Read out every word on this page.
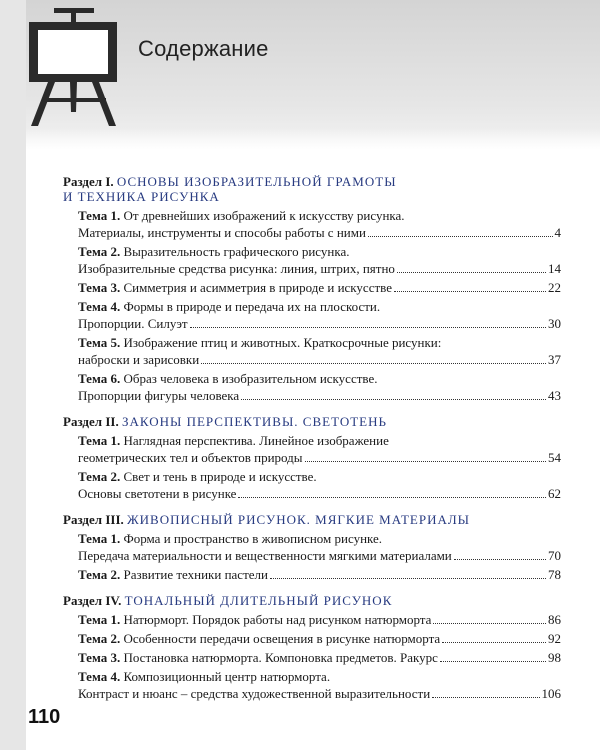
Содержание
Раздел I. ОСНОВЫ ИЗОБРАЗИТЕЛЬНОЙ ГРАМОТЫ
И ТЕХНИКА РИСУНКА
Тема 1. От древнейших изображений к искусству рисунка.
Материалы, инструменты и способы работы с ними	4
Тема 2. Выразительность графического рисунка.
Изобразительные средства рисунка: линия, штрих, пятно	14
Тема 3. Симметрия и асимметрия в природе и искусстве	22
Тема 4. Формы в природе и передача их на плоскости.
Пропорции. Силуэт	30
Тема 5. Изображение птиц и животных. Краткосрочные рисунки:
наброски и зарисовки	37
Тема 6. Образ человека в изобразительном искусстве.
Пропорции фигуры человека	43
Раздел II. ЗАКОНЫ ПЕРСПЕКТИВЫ. СВЕТОТЕНЬ
Тема 1. Наглядная перспектива. Линейное изображение
геометрических тел и объектов природы	54
Тема 2. Свет и тень в природе и искусстве.
Основы светотени в рисунке	62
Раздел III. ЖИВОПИСНЫЙ РИСУНОК. МЯГКИЕ МАТЕРИАЛЫ
Тема 1. Форма и пространство в живописном рисунке.
Передача материальности и вещественности мягкими материалами	70
Тема 2. Развитие техники пастели	78
Раздел IV. ТОНАЛЬНЫЙ ДЛИТЕЛЬНЫЙ РИСУНОК
Тема 1. Натюрморт. Порядок работы над рисунком натюрморта	86
Тема 2. Особенности передачи освещения в рисунке натюрморта	92
Тема 3. Постановка натюрморта. Компоновка предметов. Ракурс	98
Тема 4. Композиционный центр натюрморта.
Контраст и нюанс – средства художественной выразительности	106
110
